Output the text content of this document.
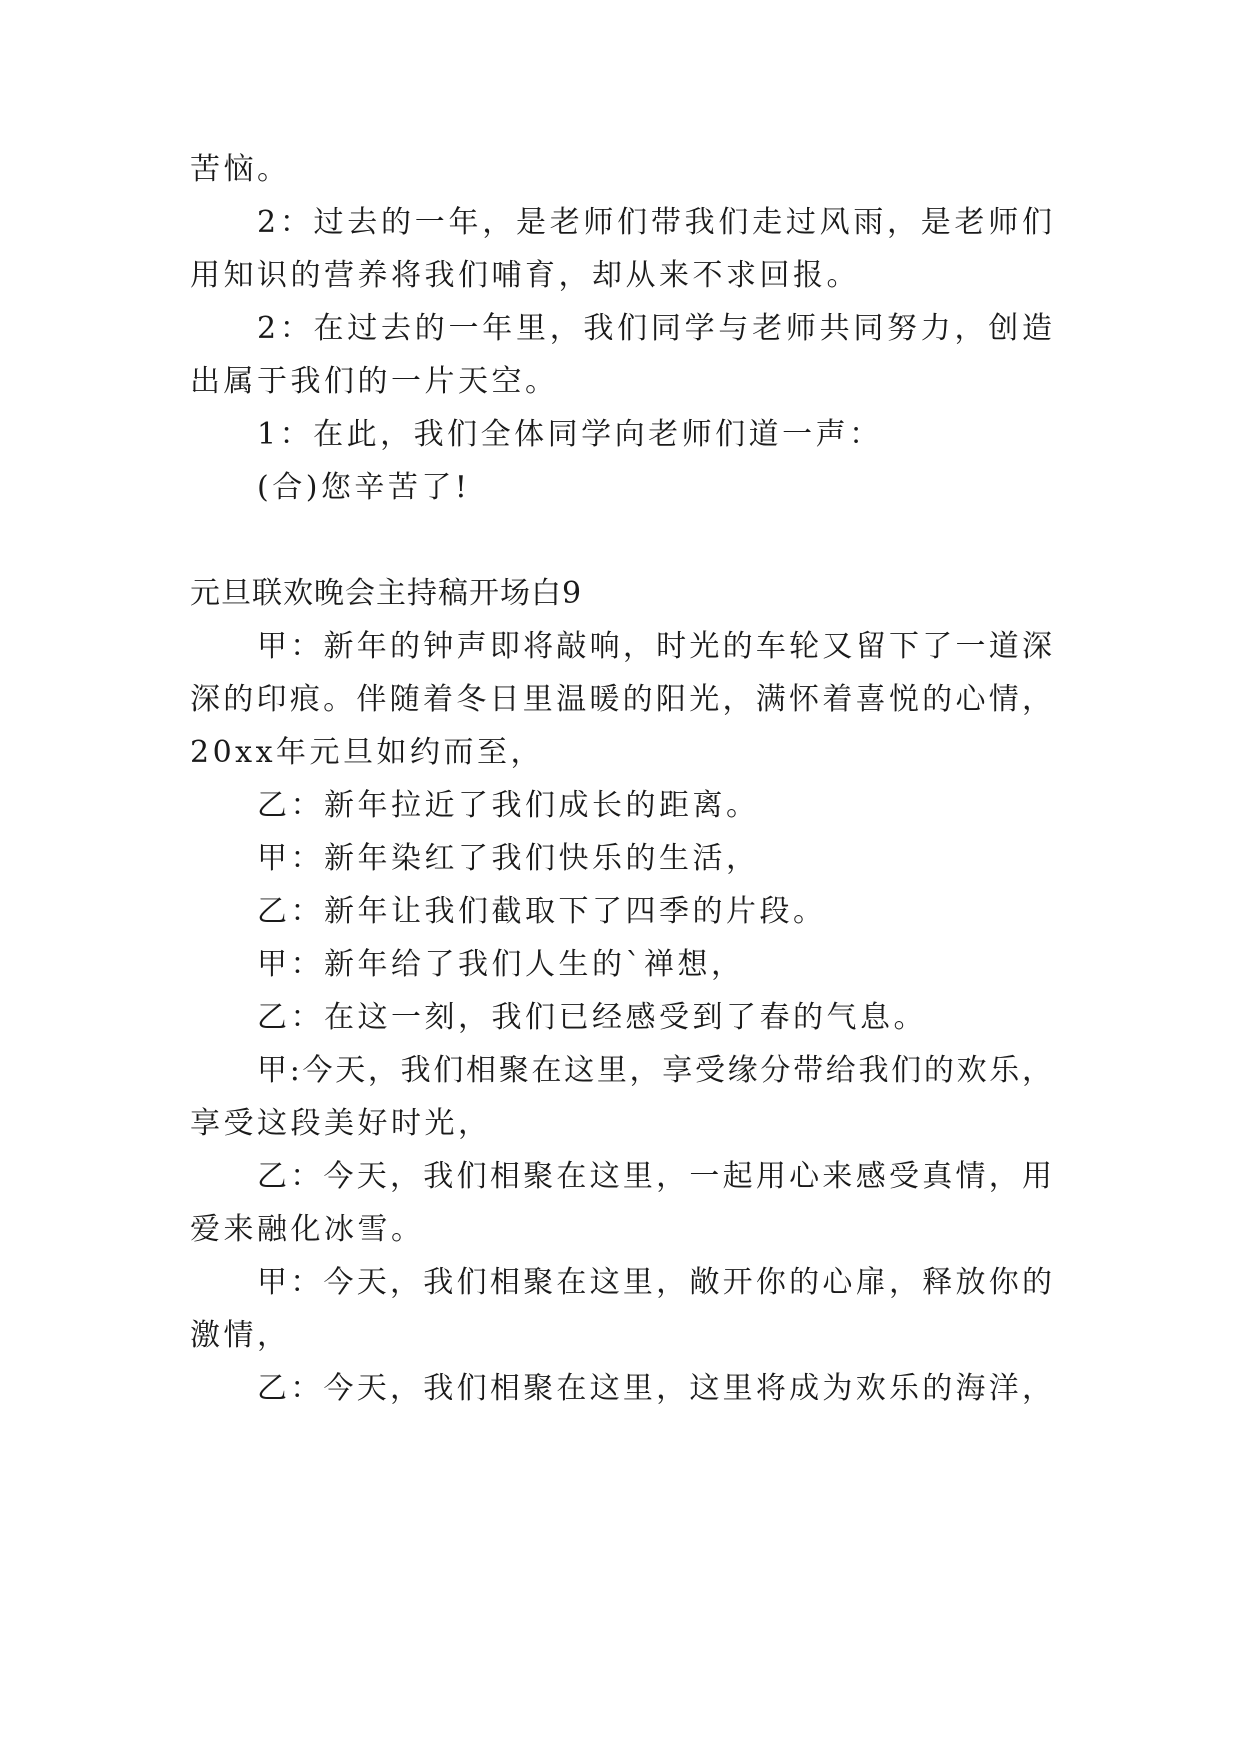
苦恼。
2：过去的一年，是老师们带我们走过风雨，是老师们
用知识的营养将我们哺育，却从来不求回报。
2：在过去的一年里，我们同学与老师共同努力，创造
出属于我们的一片天空。
1：在此，我们全体同学向老师们道一声：
(合)您辛苦了!
元旦联欢晚会主持稿开场白9
甲：新年的钟声即将敲响，时光的车轮又留下了一道深
深的印痕。伴随着冬日里温暖的阳光，满怀着喜悦的心情，
20xx年元旦如约而至，
乙：新年拉近了我们成长的距离。
甲：新年染红了我们快乐的生活，
乙：新年让我们截取下了四季的片段。
甲：新年给了我们人生的`禅想，
乙：在这一刻，我们已经感受到了春的气息。
甲:今天，我们相聚在这里，享受缘分带给我们的欢乐，
享受这段美好时光，
乙：今天，我们相聚在这里，一起用心来感受真情，用
爱来融化冰雪。
甲：今天，我们相聚在这里，敞开你的心扉，释放你的
激情，
乙：今天，我们相聚在这里，这里将成为欢乐的海洋，
